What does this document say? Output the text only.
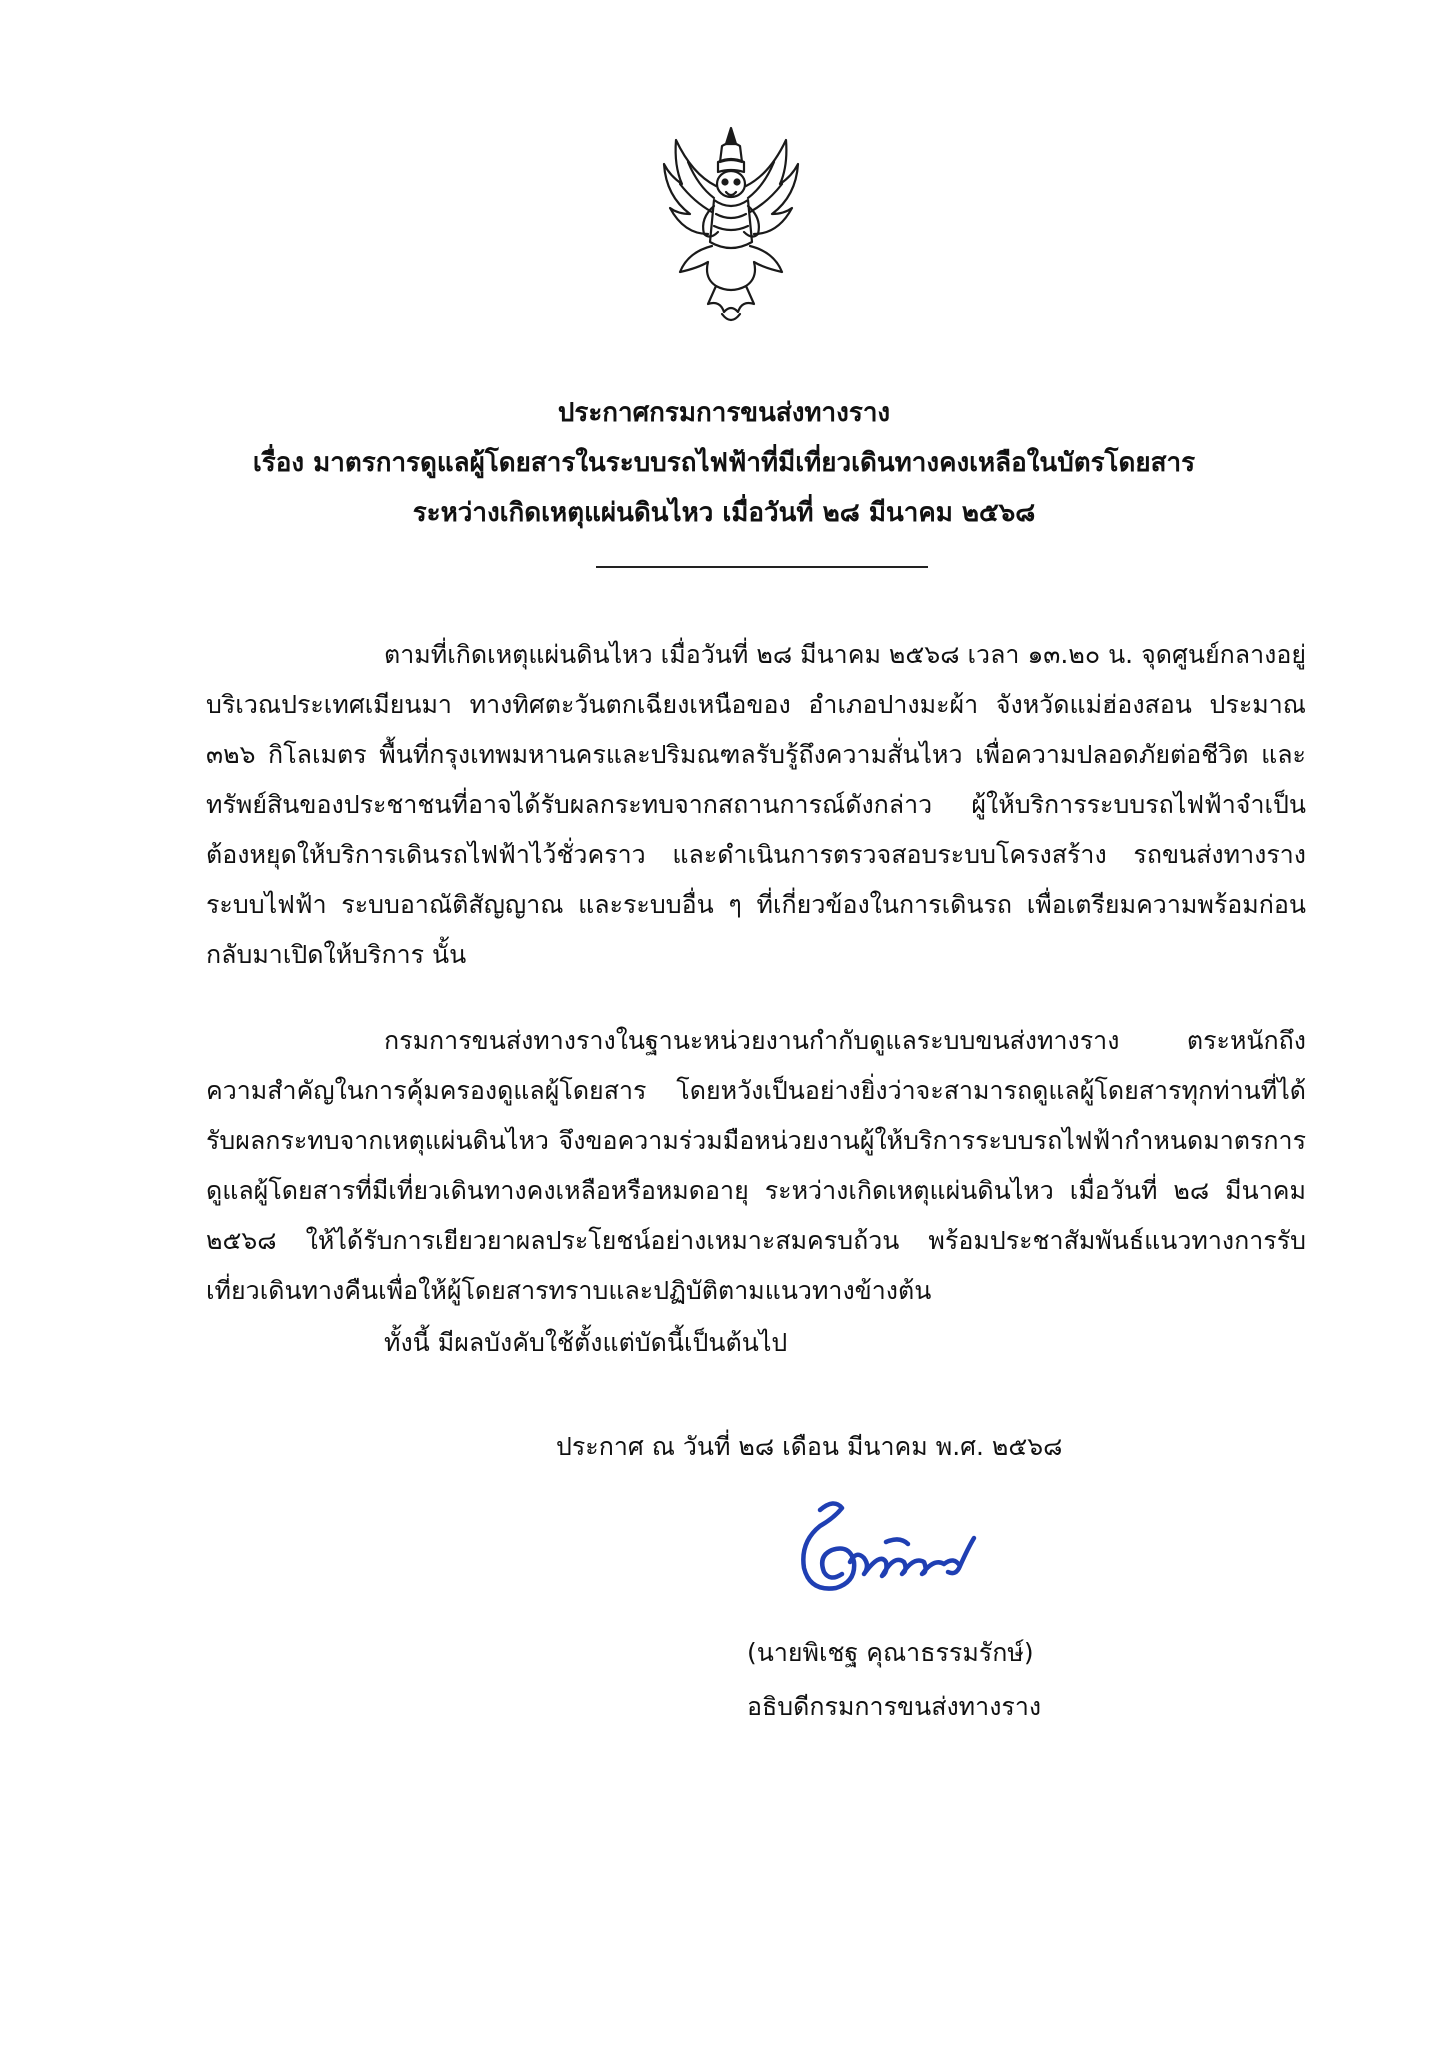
ประกาศกรมการขนส่งทางราง
เรื่อง มาตรการดูแลผู้โดยสารในระบบรถไฟฟ้าที่มีเที่ยวเดินทางคงเหลือในบัตรโดยสาร
ระหว่างเกิดเหตุแผ่นดินไหว เมื่อวันที่ ๒๘ มีนาคม ๒๕๖๘

ตามที่เกิดเหตุแผ่นดินไหว เมื่อวันที่ ๒๘ มีนาคม ๒๕๖๘ เวลา ๑๓.๒๐ น. จุดศูนย์กลางอยู่บริเวณประเทศเมียนมา ทางทิศตะวันตกเฉียงเหนือของ อำเภอปางมะผ้า จังหวัดแม่ฮ่องสอน ประมาณ ๓๒๖ กิโลเมตร พื้นที่กรุงเทพมหานครและปริมณฑลรับรู้ถึงความสั่นไหว เพื่อความปลอดภัยต่อชีวิต และทรัพย์สินของประชาชนที่อาจได้รับผลกระทบจากสถานการณ์ดังกล่าว ผู้ให้บริการระบบรถไฟฟ้าจำเป็นต้องหยุดให้บริการเดินรถไฟฟ้าไว้ชั่วคราว และดำเนินการตรวจสอบระบบโครงสร้าง รถขนส่งทางราง ระบบไฟฟ้า ระบบอาณัติสัญญาณ และระบบอื่น ๆ ที่เกี่ยวข้องในการเดินรถ เพื่อเตรียมความพร้อมก่อนกลับมาเปิดให้บริการ นั้น

กรมการขนส่งทางรางในฐานะหน่วยงานกำกับดูแลระบบขนส่งทางราง ตระหนักถึงความสำคัญในการคุ้มครองดูแลผู้โดยสาร โดยหวังเป็นอย่างยิ่งว่าจะสามารถดูแลผู้โดยสารทุกท่านที่ได้รับผลกระทบจากเหตุแผ่นดินไหว จึงขอความร่วมมือหน่วยงานผู้ให้บริการระบบรถไฟฟ้ากำหนดมาตรการดูแลผู้โดยสารที่มีเที่ยวเดินทางคงเหลือหรือหมดอายุ ระหว่างเกิดเหตุแผ่นดินไหว เมื่อวันที่ ๒๘ มีนาคม ๒๕๖๘ ให้ได้รับการเยียวยาผลประโยชน์อย่างเหมาะสมครบถ้วน พร้อมประชาสัมพันธ์แนวทางการรับเที่ยวเดินทางคืนเพื่อให้ผู้โดยสารทราบและปฏิบัติตามแนวทางข้างต้น

ทั้งนี้ มีผลบังคับใช้ตั้งแต่บัดนี้เป็นต้นไป
ประกาศ ณ วันที่ ๒๘ เดือน มีนาคม พ.ศ. ๒๕๖๘
(นายพิเชฐ คุณาธรรมรักษ์)
อธิบดีกรมการขนส่งทางราง
